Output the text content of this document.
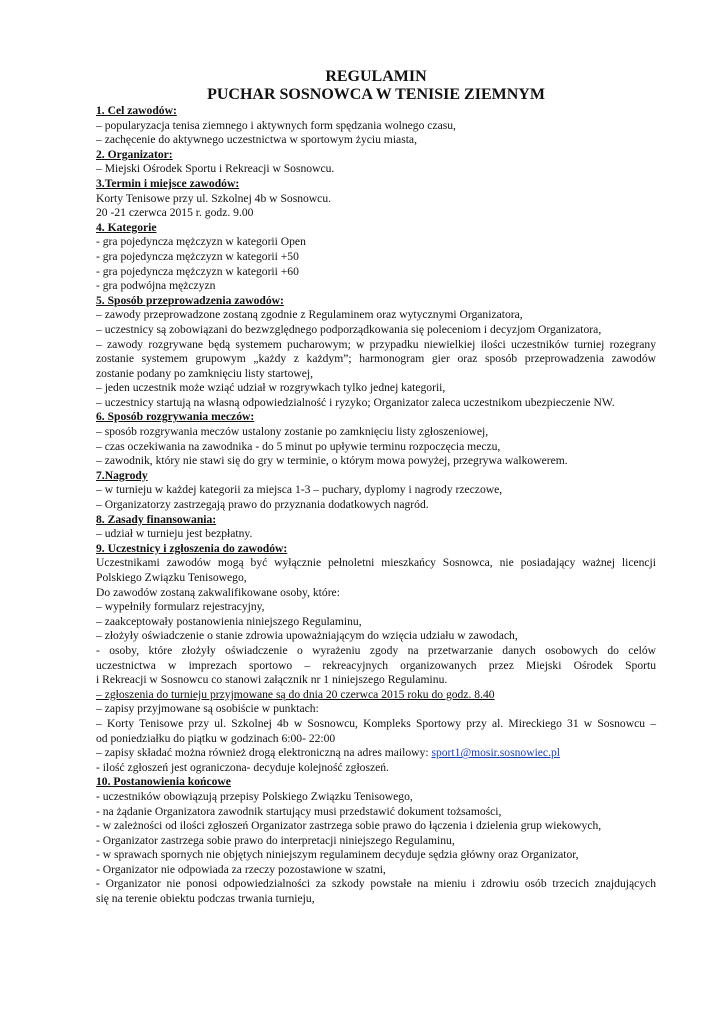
REGULAMIN

PUCHAR SOSNOWCA W TENISIE ZIEMNYM

1. Cel zawodów:

– popularyzacja tenisa ziemnego i aktywnych form spędzania wolnego czasu,

– zachęcenie do aktywnego uczestnictwa w sportowym życiu miasta,

2. Organizator:

– Miejski Ośrodek Sportu i Rekreacji w Sosnowcu.

3.Termin i miejsce zawodów:

Korty Tenisowe przy ul. Szkolnej 4b w Sosnowcu.

20 -21 czerwca 2015 r. godz. 9.00

4. Kategorie

- gra pojedyncza mężczyzn w kategorii Open

- gra pojedyncza mężczyzn w kategorii +50

- gra pojedyncza mężczyzn w kategorii +60

- gra podwójna mężczyzn

5. Sposób przeprowadzenia zawodów:

– zawody przeprowadzone zostaną zgodnie z Regulaminem oraz wytycznymi Organizatora,

– uczestnicy są zobowiązani do bezwzględnego podporządkowania się poleceniom i decyzjom Organizatora,

– zawody rozgrywane będą systemem pucharowym; w przypadku niewielkiej ilości uczestników turniej rozegrany

zostanie systemem grupowym „każdy z każdym”; harmonogram gier oraz sposób przeprowadzenia zawodów

zostanie podany po zamknięciu listy startowej,

– jeden uczestnik może wziąć udział w rozgrywkach tylko jednej kategorii,

– uczestnicy startują na własną odpowiedzialność i ryzyko; Organizator zaleca uczestnikom ubezpieczenie NW.

6. Sposób rozgrywania meczów:

– sposób rozgrywania meczów ustalony zostanie po zamknięciu listy zgłoszeniowej,

– czas oczekiwania na zawodnika - do 5 minut po upływie terminu rozpoczęcia meczu,

– zawodnik, który nie stawi się do gry w terminie, o którym mowa powyżej, przegrywa walkowerem.

7.Nagrody

– w turnieju w każdej kategorii za miejsca 1-3 – puchary, dyplomy i nagrody rzeczowe,

– Organizatorzy zastrzegają prawo do przyznania dodatkowych nagród.

8. Zasady finansowania:

– udział w turnieju jest bezpłatny.

9. Uczestnicy i zgłoszenia do zawodów:

Uczestnikami zawodów mogą być wyłącznie pełnoletni mieszkańcy Sosnowca, nie posiadający ważnej licencji

Polskiego Związku Tenisowego,

Do zawodów zostaną zakwalifikowane osoby, które:

– wypełniły formularz rejestracyjny,

– zaakceptowały postanowienia niniejszego Regulaminu,

– złożyły oświadczenie o stanie zdrowia upoważniającym do wzięcia udziału w zawodach,

- osoby, które złożyły oświadczenie o wyrażeniu zgody na przetwarzanie danych osobowych do celów

uczestnictwa w imprezach sportowo – rekreacyjnych organizowanych przez Miejski Ośrodek Sportu

i Rekreacji w Sosnowcu co stanowi załącznik nr 1 niniejszego Regulaminu.

– zgłoszenia do turnieju przyjmowane są do dnia 20 czerwca 2015 roku do godz. 8.40

– zapisy przyjmowane są osobiście w punktach:

– Korty Tenisowe przy ul. Szkolnej 4b w Sosnowcu, Kompleks Sportowy przy al. Mireckiego 31 w Sosnowcu –

od poniedziałku do piątku w godzinach 6:00- 22:00

– zapisy składać można również drogą elektroniczną na adres mailowy: sport1@mosir.sosnowiec.pl

- ilość zgłoszeń jest ograniczona- decyduje kolejność zgłoszeń.

10. Postanowienia końcowe

- uczestników obowiązują przepisy Polskiego Związku Tenisowego,

- na żądanie Organizatora zawodnik startujący musi przedstawić dokument tożsamości,

- w zależności od ilości zgłoszeń Organizator zastrzega sobie prawo do łączenia i dzielenia grup wiekowych,

- Organizator zastrzega sobie prawo do interpretacji niniejszego Regulaminu,

- w sprawach spornych nie objętych niniejszym regulaminem decyduje sędzia główny oraz Organizator,

- Organizator nie odpowiada za rzeczy pozostawione w szatni,

- Organizator nie ponosi odpowiedzialności za szkody powstałe na mieniu i zdrowiu osób trzecich znajdujących

się na terenie obiektu podczas trwania turnieju,
